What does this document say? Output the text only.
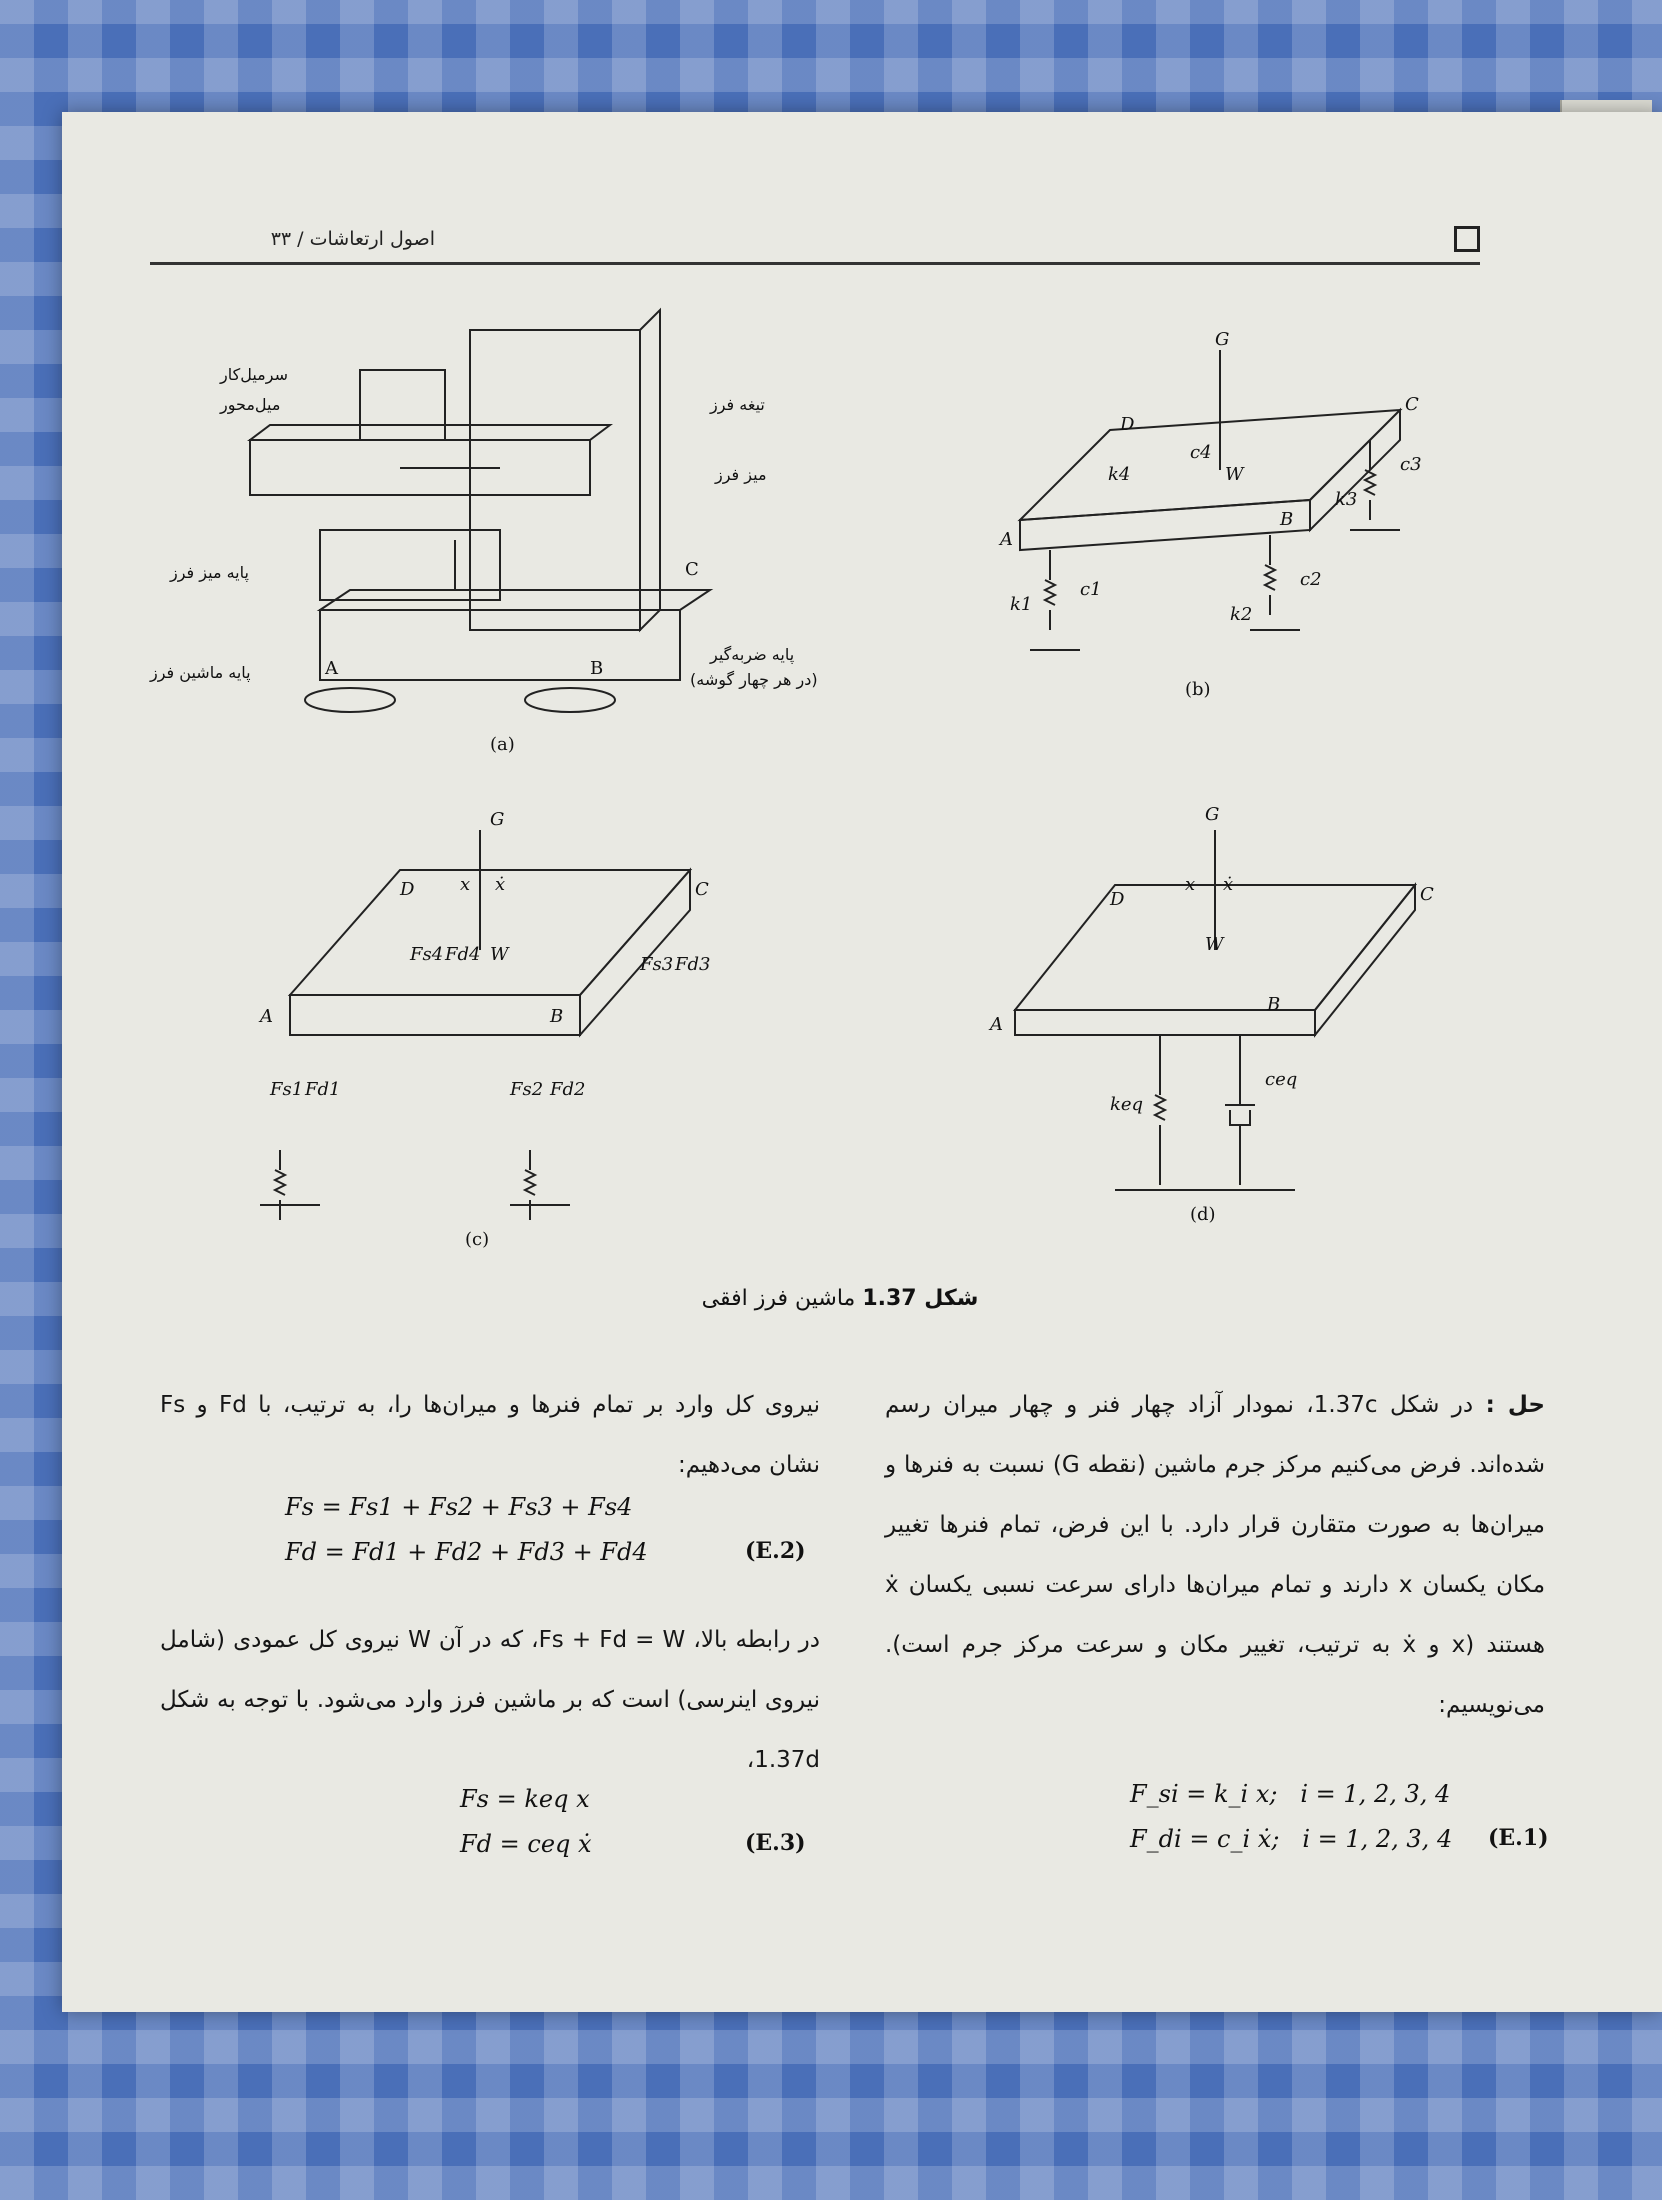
اصول ارتعاشات / ۳۳
A	B
C
سرمیل‌کار
میل‌محور	تیغه فرز
میز فرز
پایه میز فرز
پایه ماشین فرز
پایه ضربه‌گیر
(در هر چهار گوشه)
(a)
G
D
C
A
B
W
k1	k2
k3
k4
c1	c2
c3
c4
(b)
G
D	C
A	B
W
x ẋ
Fs1 Fd1	Fs2 Fd2
Fs3 Fd3
Fs4 Fd4
(c)
G
D	C
A
B
W
x ẋ
keq
ceq
(d)
شکل 1.37 ماشین فرز افقی
حل : در شکل 1.37c، نمودار آزاد چهار فنر و چهار میران رسم شده‌اند. فرض می‌کنیم مرکز جرم ماشین (نقطه G) نسبت به فنرها و میران‌ها به صورت متقارن قرار دارد. با این فرض، تمام فنرها تغییر مکان یکسان x دارند و تمام میران‌ها دارای سرعت نسبی یکسان ẋ هستند (x و ẋ به ترتیب، تغییر مکان و سرعت مرکز جرم است). می‌نویسیم:
F_si = k_i x;   i = 1, 2, 3, 4
F_di = c_i ẋ;   i = 1, 2, 3, 4 (E.1)
نیروی کل وارد بر تمام فنرها و میران‌ها را، به ترتیب، با Fd و Fs نشان می‌دهیم:
Fs = Fs1 + Fs2 + Fs3 + Fs4
Fd = Fd1 + Fd2 + Fd3 + Fd4	(E.2)
در رابطه بالا، Fs + Fd = W، که در آن W نیروی کل عمودی (شامل نیروی اینرسی) است که بر ماشین فرز وارد می‌شود. با توجه به شکل 1.37d،
Fs = keq x
Fd = ceq ẋ	(E.3)
